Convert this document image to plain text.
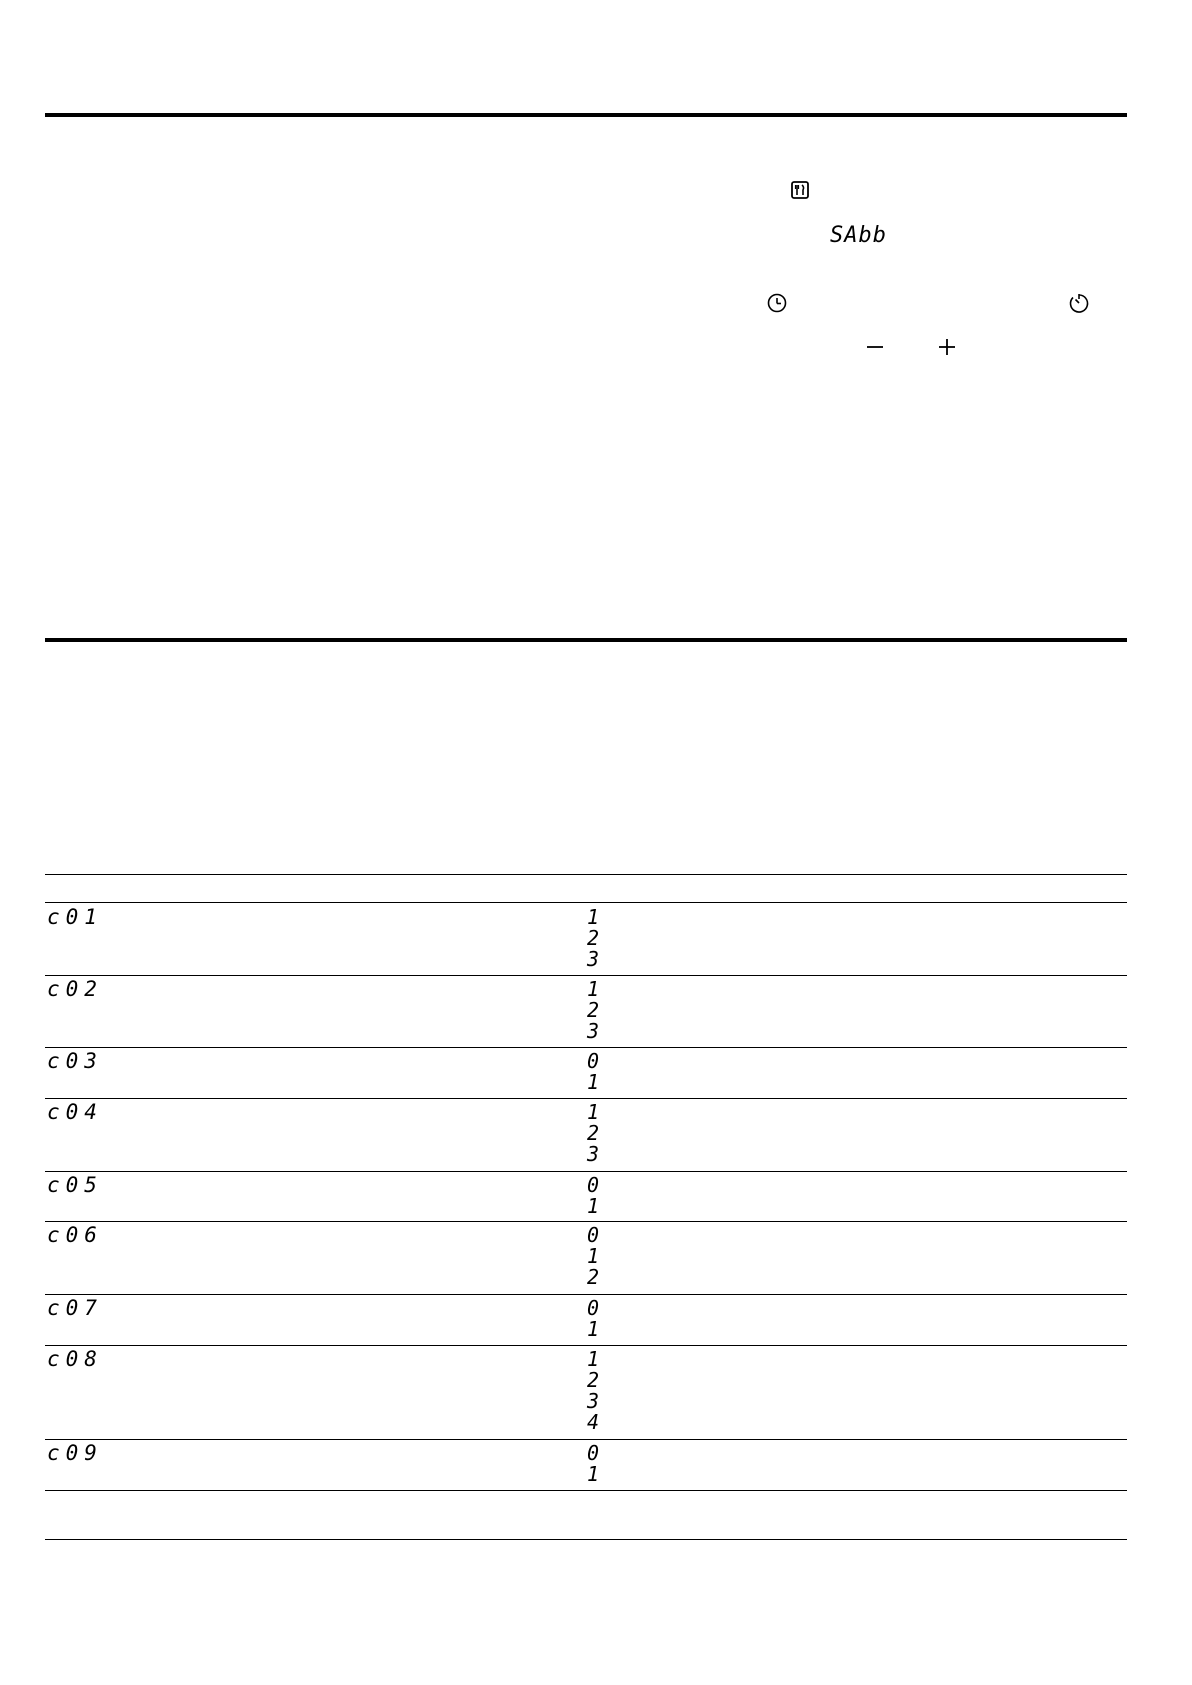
SAbb
c01	1
2
3
c02	1
2
3
c03	0
1
c04	1
2
3
c05	0
1
c06	0
1
2
c07	0
1
c08	1
2
3
4
c09	0
1
